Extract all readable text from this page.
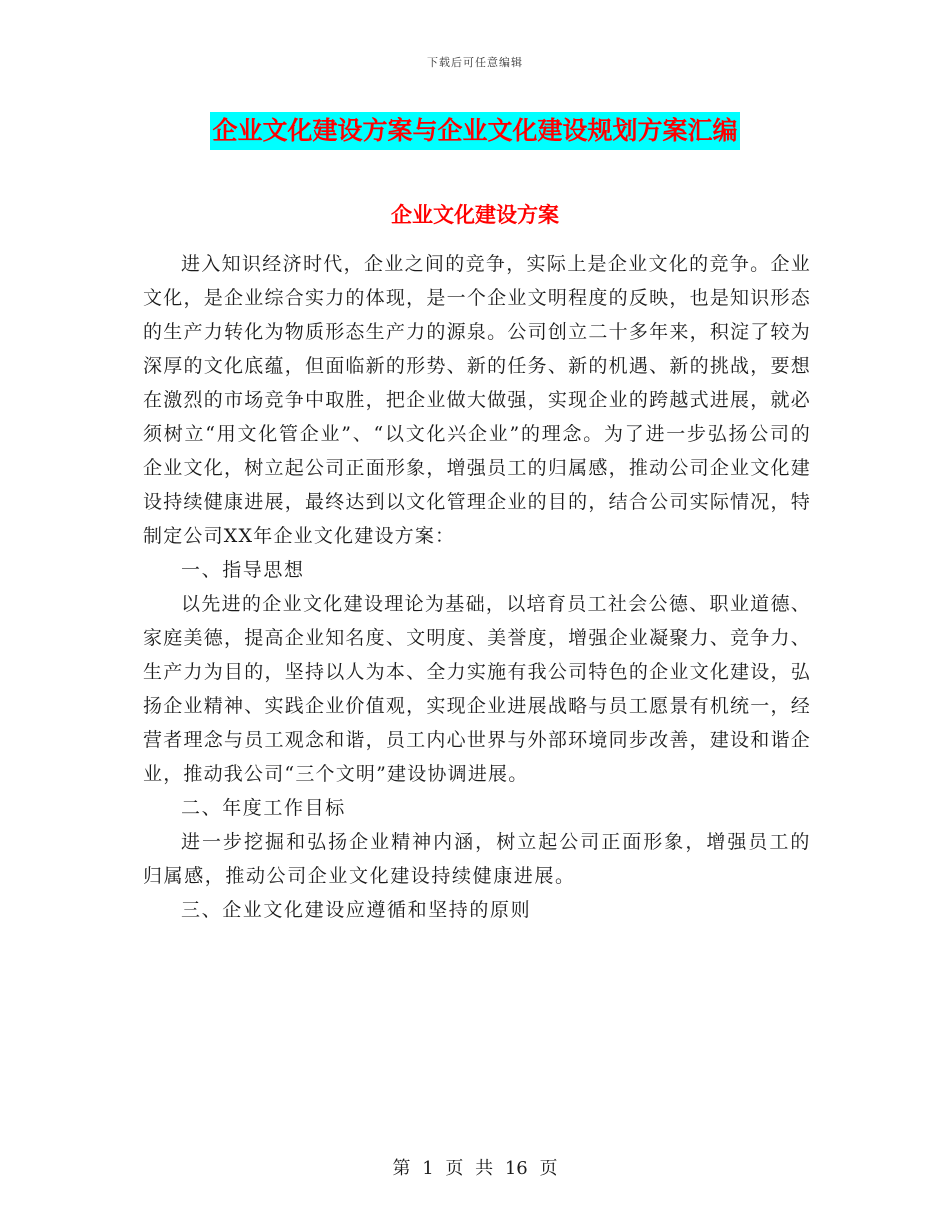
下载后可任意编辑
企业文化建设方案与企业文化建设规划方案汇编
企业文化建设方案

进入知识经济时代，企业之间的竞争，实际上是企业文化的竞争。企业文化，是企业综合实力的体现，是一个企业文明程度的反映，也是知识形态的生产力转化为物质形态生产力的源泉。公司创立二十多年来，积淀了较为深厚的文化底蕴，但面临新的形势、新的任务、新的机遇、新的挑战，要想在激烈的市场竞争中取胜，把企业做大做强，实现企业的跨越式进展，就必须树立“用文化管企业”、“以文化兴企业”的理念。为了进一步弘扬公司的企业文化，树立起公司正面形象，增强员工的归属感，推动公司企业文化建设持续健康进展，最终达到以文化管理企业的目的，结合公司实际情况，特制定公司XX年企业文化建设方案：

一、指导思想

以先进的企业文化建设理论为基础，以培育员工社会公德、职业道德、家庭美德，提高企业知名度、文明度、美誉度，增强企业凝聚力、竞争力、生产力为目的，坚持以人为本、全力实施有我公司特色的企业文化建设，弘扬企业精神、实践企业价值观，实现企业进展战略与员工愿景有机统一，经营者理念与员工观念和谐，员工内心世界与外部环境同步改善，建设和谐企业，推动我公司“三个文明”建设协调进展。

二、年度工作目标

进一步挖掘和弘扬企业精神内涵，树立起公司正面形象，增强员工的归属感，推动公司企业文化建设持续健康进展。

三、企业文化建设应遵循和坚持的原则

第 1 页 共 16 页
